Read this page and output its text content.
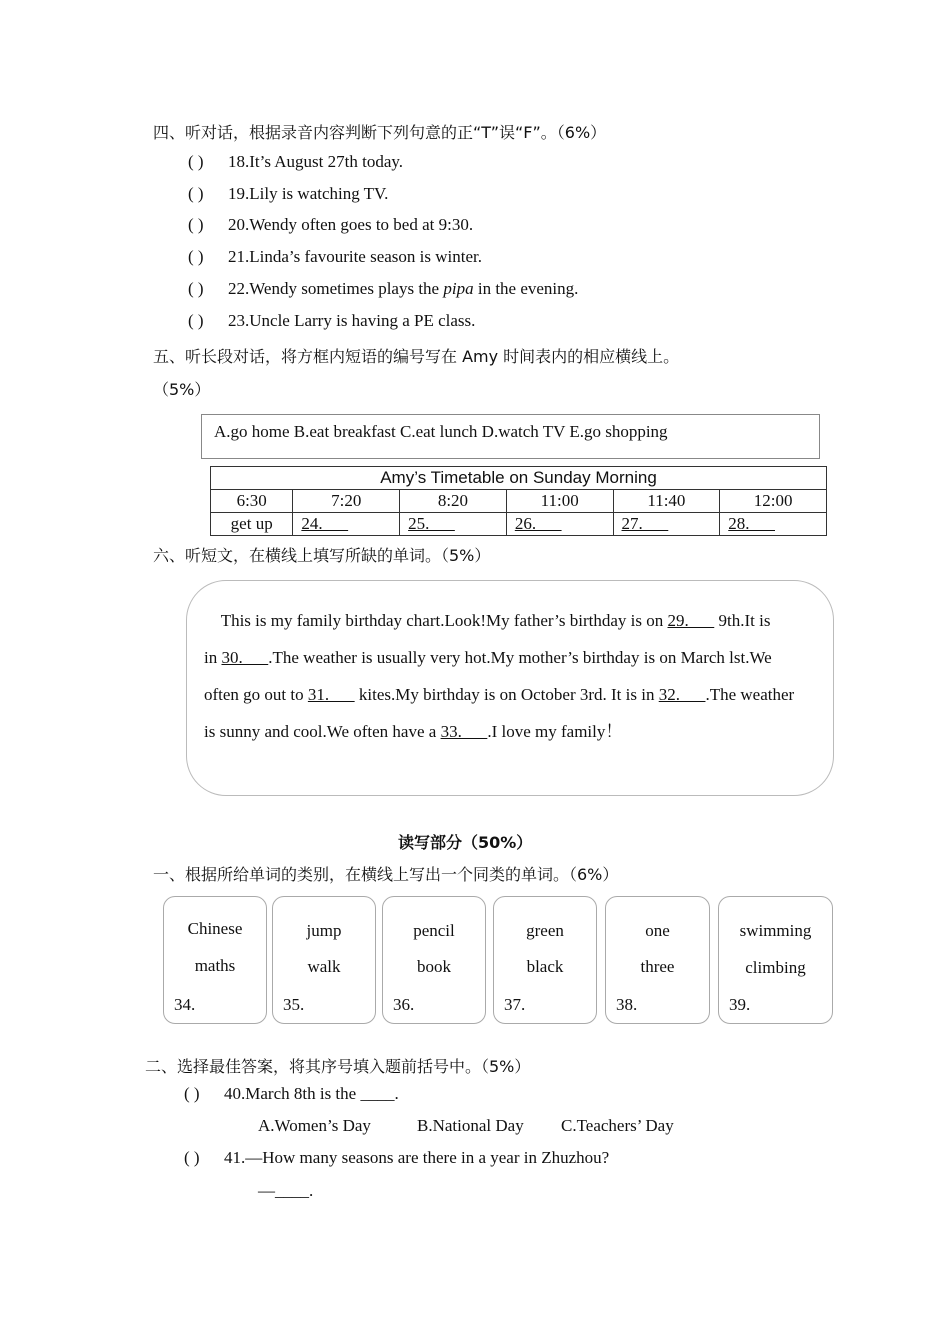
四、听对话，根据录音内容判断下列句意的正“T”误“F”。（6%）
( ) 18.It’s August 27th today.
( ) 19.Lily is watching TV.
( ) 20.Wendy often goes to bed at 9:30.
( ) 21.Linda’s favourite season is winter.
( ) 22.Wendy sometimes plays the pipa in the evening.
( ) 23.Uncle Larry is having a PE class.
五、听长段对话，将方框内短语的编号写在 Amy 时间表内的相应横线上。
（5%）
A.go home B.eat breakfast C.eat lunch D.watch TV E.go shopping
Amy’s Timetable on Sunday Morning					
6:30	7:20	8:20	11:00	11:40	12:00
get up	24.	25.	26.	27.	28.
六、听短文，在横线上填写所缺的单词。（5%）
This is my family birthday chart.Look!My father’s birthday is on 29.       9th.It is
in 30.      .The weather is usually very hot.My mother’s birthday is on March lst.We
often go out to 31.       kites.My birthday is on October 3rd. It is in 32.      .The weather
is sunny and cool.We often have a 33.      .I love my family！
读写部分（50%）
一、根据所给单词的类别，在横线上写出一个同类的单词。（6%）
Chinese
maths
34.
jump
walk
35.
pencil
book
36.
green
black
37.
one
three
38.
swimming
climbing
39.
二、选择最佳答案，将其序号填入题前括号中。（5%）
( ) 40.March 8th is the ____.
A.Women’s Day	B.National Day C.Teachers’ Day
( ) 41.—How many seasons are there in a year in Zhuzhou?
—____.
